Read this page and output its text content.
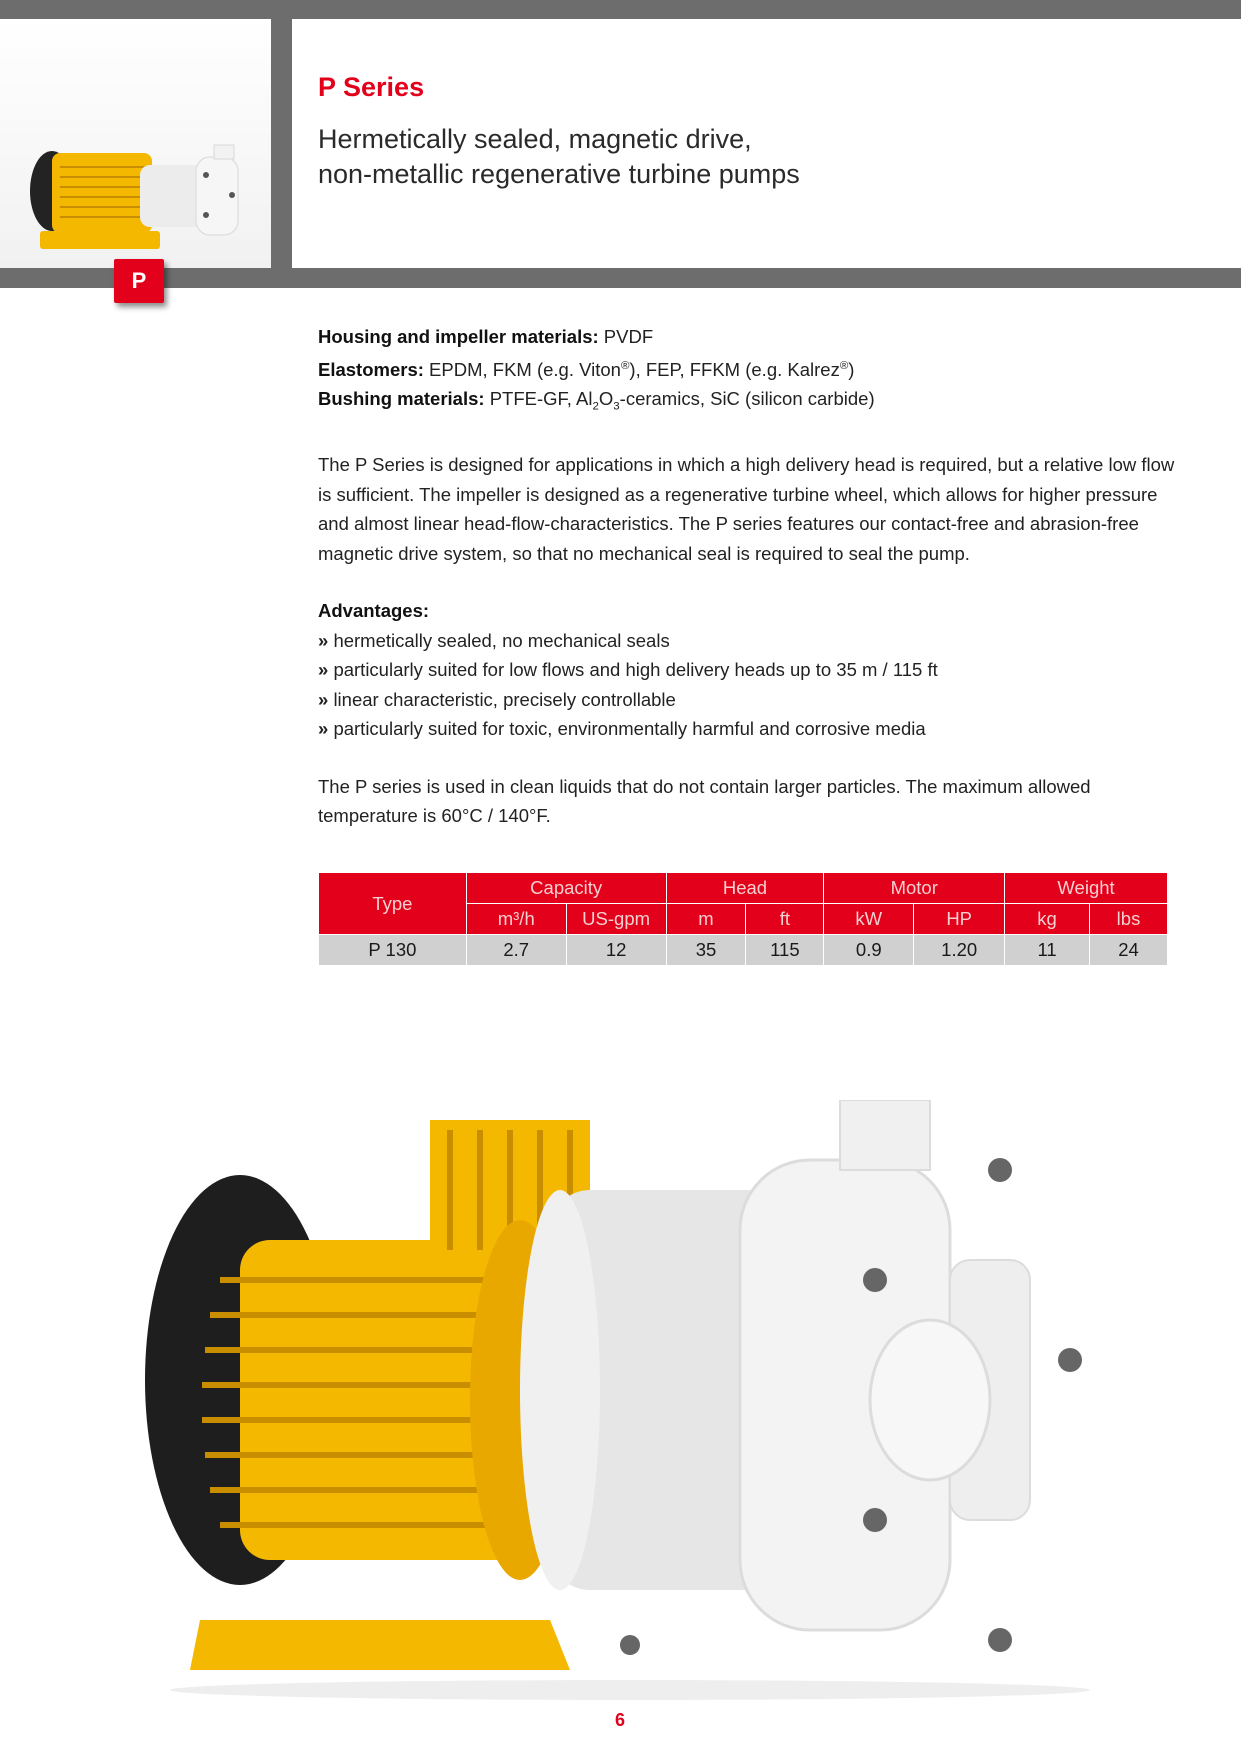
P Series
Hermetically sealed, magnetic drive,
non-metallic regenerative turbine pumps
P

Housing and impeller materials: PVDF

Elastomers: EPDM, FKM (e.g. Viton®), FEP, FFKM (e.g. Kalrez®)

Bushing materials: PTFE-GF, $Al_2O_3$-ceramics, SiC (silicon carbide)

The P Series is designed for applications in which a high delivery head is required, but a relative low flow is sufficient. The impeller is designed as a regenerative turbine wheel, which allows for higher pressure and almost linear head-flow-characteristics. The P series features our contact-free and abrasion-free magnetic drive system, so that no mechanical seal is required to seal the pump.

Advantages:

» hermetically sealed, no mechanical seals
» particularly suited for low flows and high delivery heads up to 35 m / 115 ft
» linear characteristic, precisely controllable
» particularly suited for toxic, environmentally harmful and corrosive media

The P series is used in clean liquids that do not contain larger particles. The maximum allowed temperature is 60°C / 140°F.

Type	Capacity		Head		Motor		Weight	
	m³/h	US-gpm	m	ft	kW	HP	kg	lbs
P 130	2.7	12	35	115	0.9	1.20	11	24
6
